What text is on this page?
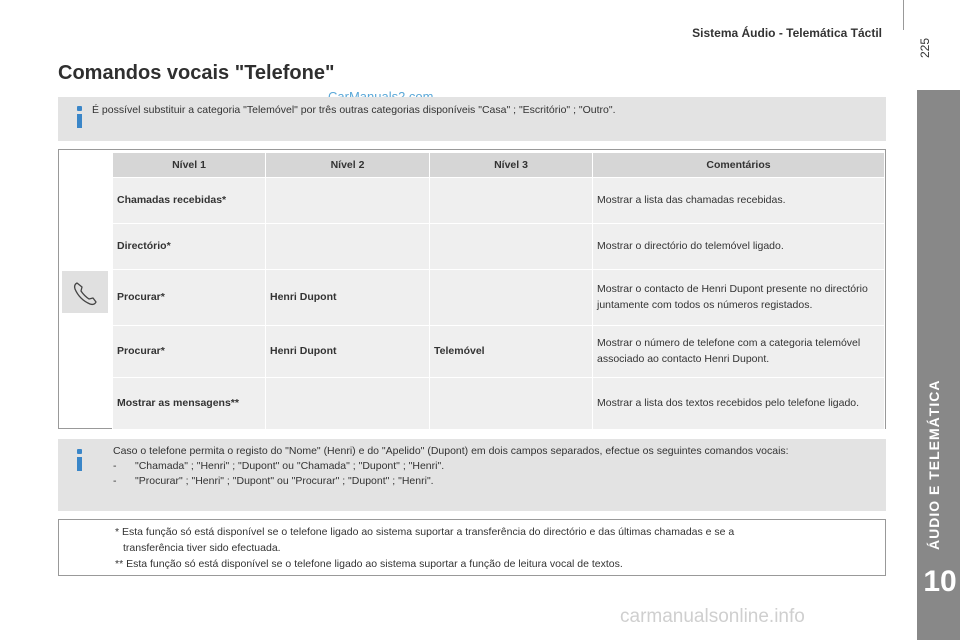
Sistema Áudio - Telemática Táctil
225
ÁUDIO E TELEMÁTICA
10
Comandos vocais "Telefone"
É possível substituir a categoria "Telemóvel" por três outras categorias disponíveis "Casa" ; "Escritório" ; "Outro".
Nível 1	Nível 2	Nível 3	Comentários
Chamadas recebidas*			Mostrar a lista das chamadas recebidas.
Directório*			Mostrar o directório do telemóvel ligado.
Procurar*	Henri Dupont		Mostrar o contacto de Henri Dupont presente no directório juntamente com todos os números registados.
Procurar*	Henri Dupont	Telemóvel	Mostrar o número de telefone com a categoria telemóvel associado ao contacto Henri Dupont.
Mostrar as mensagens**			Mostrar a lista dos textos recebidos pelo telefone ligado.
Caso o telefone permita o registo do "Nome" (Henri) e do "Apelido" (Dupont) em dois campos separados, efectue os seguintes comandos vocais:
- "Chamada" ; "Henri" ; "Dupont" ou "Chamada" ; "Dupont" ; "Henri".
- "Procurar" ; "Henri" ; "Dupont" ou "Procurar" ; "Dupont" ; "Henri".
* Esta função só está disponível se o telefone ligado ao sistema suportar a transferência do directório e das últimas chamadas e se a
transferência tiver sido efectuada.
** Esta função só está disponível se o telefone ligado ao sistema suportar a função de leitura vocal de textos.
carmanualsonline.info
